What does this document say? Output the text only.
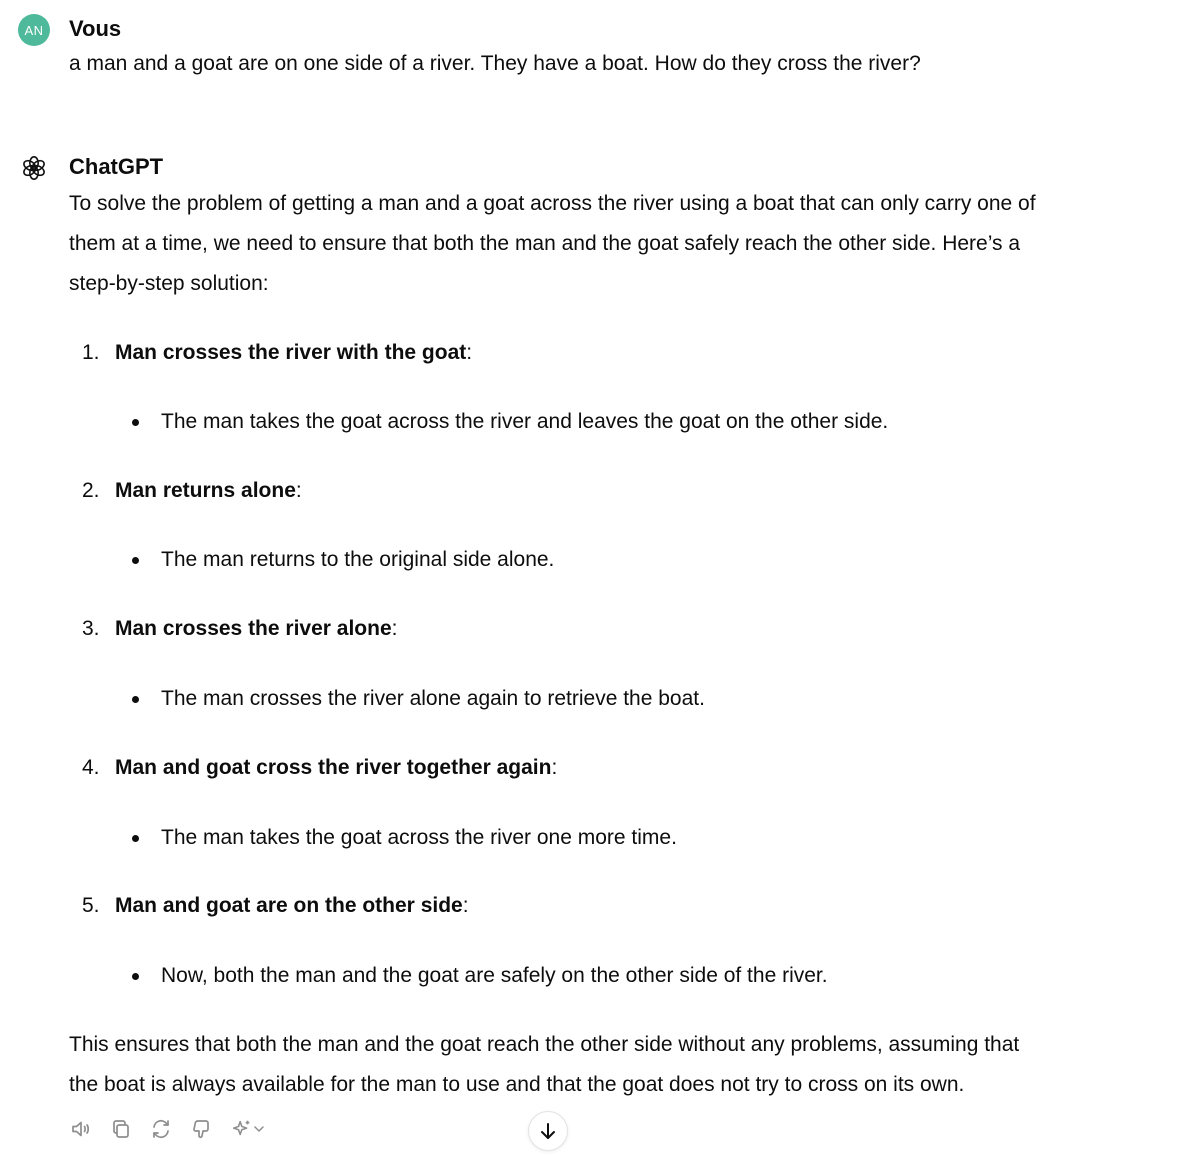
AN Vous
a man and a goat are on one side of a river. They have a boat. How do they cross the river?
ChatGPT
To solve the problem of getting a man and a goat across the river using a boat that can only carry one of
them at a time, we need to ensure that both the man and the goat safely reach the other side. Here’s a
step-by-step solution:
1. Man crosses the river with the goat:
The man takes the goat across the river and leaves the goat on the other side.
2. Man returns alone:
The man returns to the original side alone.
3. Man crosses the river alone:
The man crosses the river alone again to retrieve the boat.
4. Man and goat cross the river together again:
The man takes the goat across the river one more time.
5. Man and goat are on the other side:
Now, both the man and the goat are safely on the other side of the river.
This ensures that both the man and the goat reach the other side without any problems, assuming that
the boat is always available for the man to use and that the goat does not try to cross on its own.
